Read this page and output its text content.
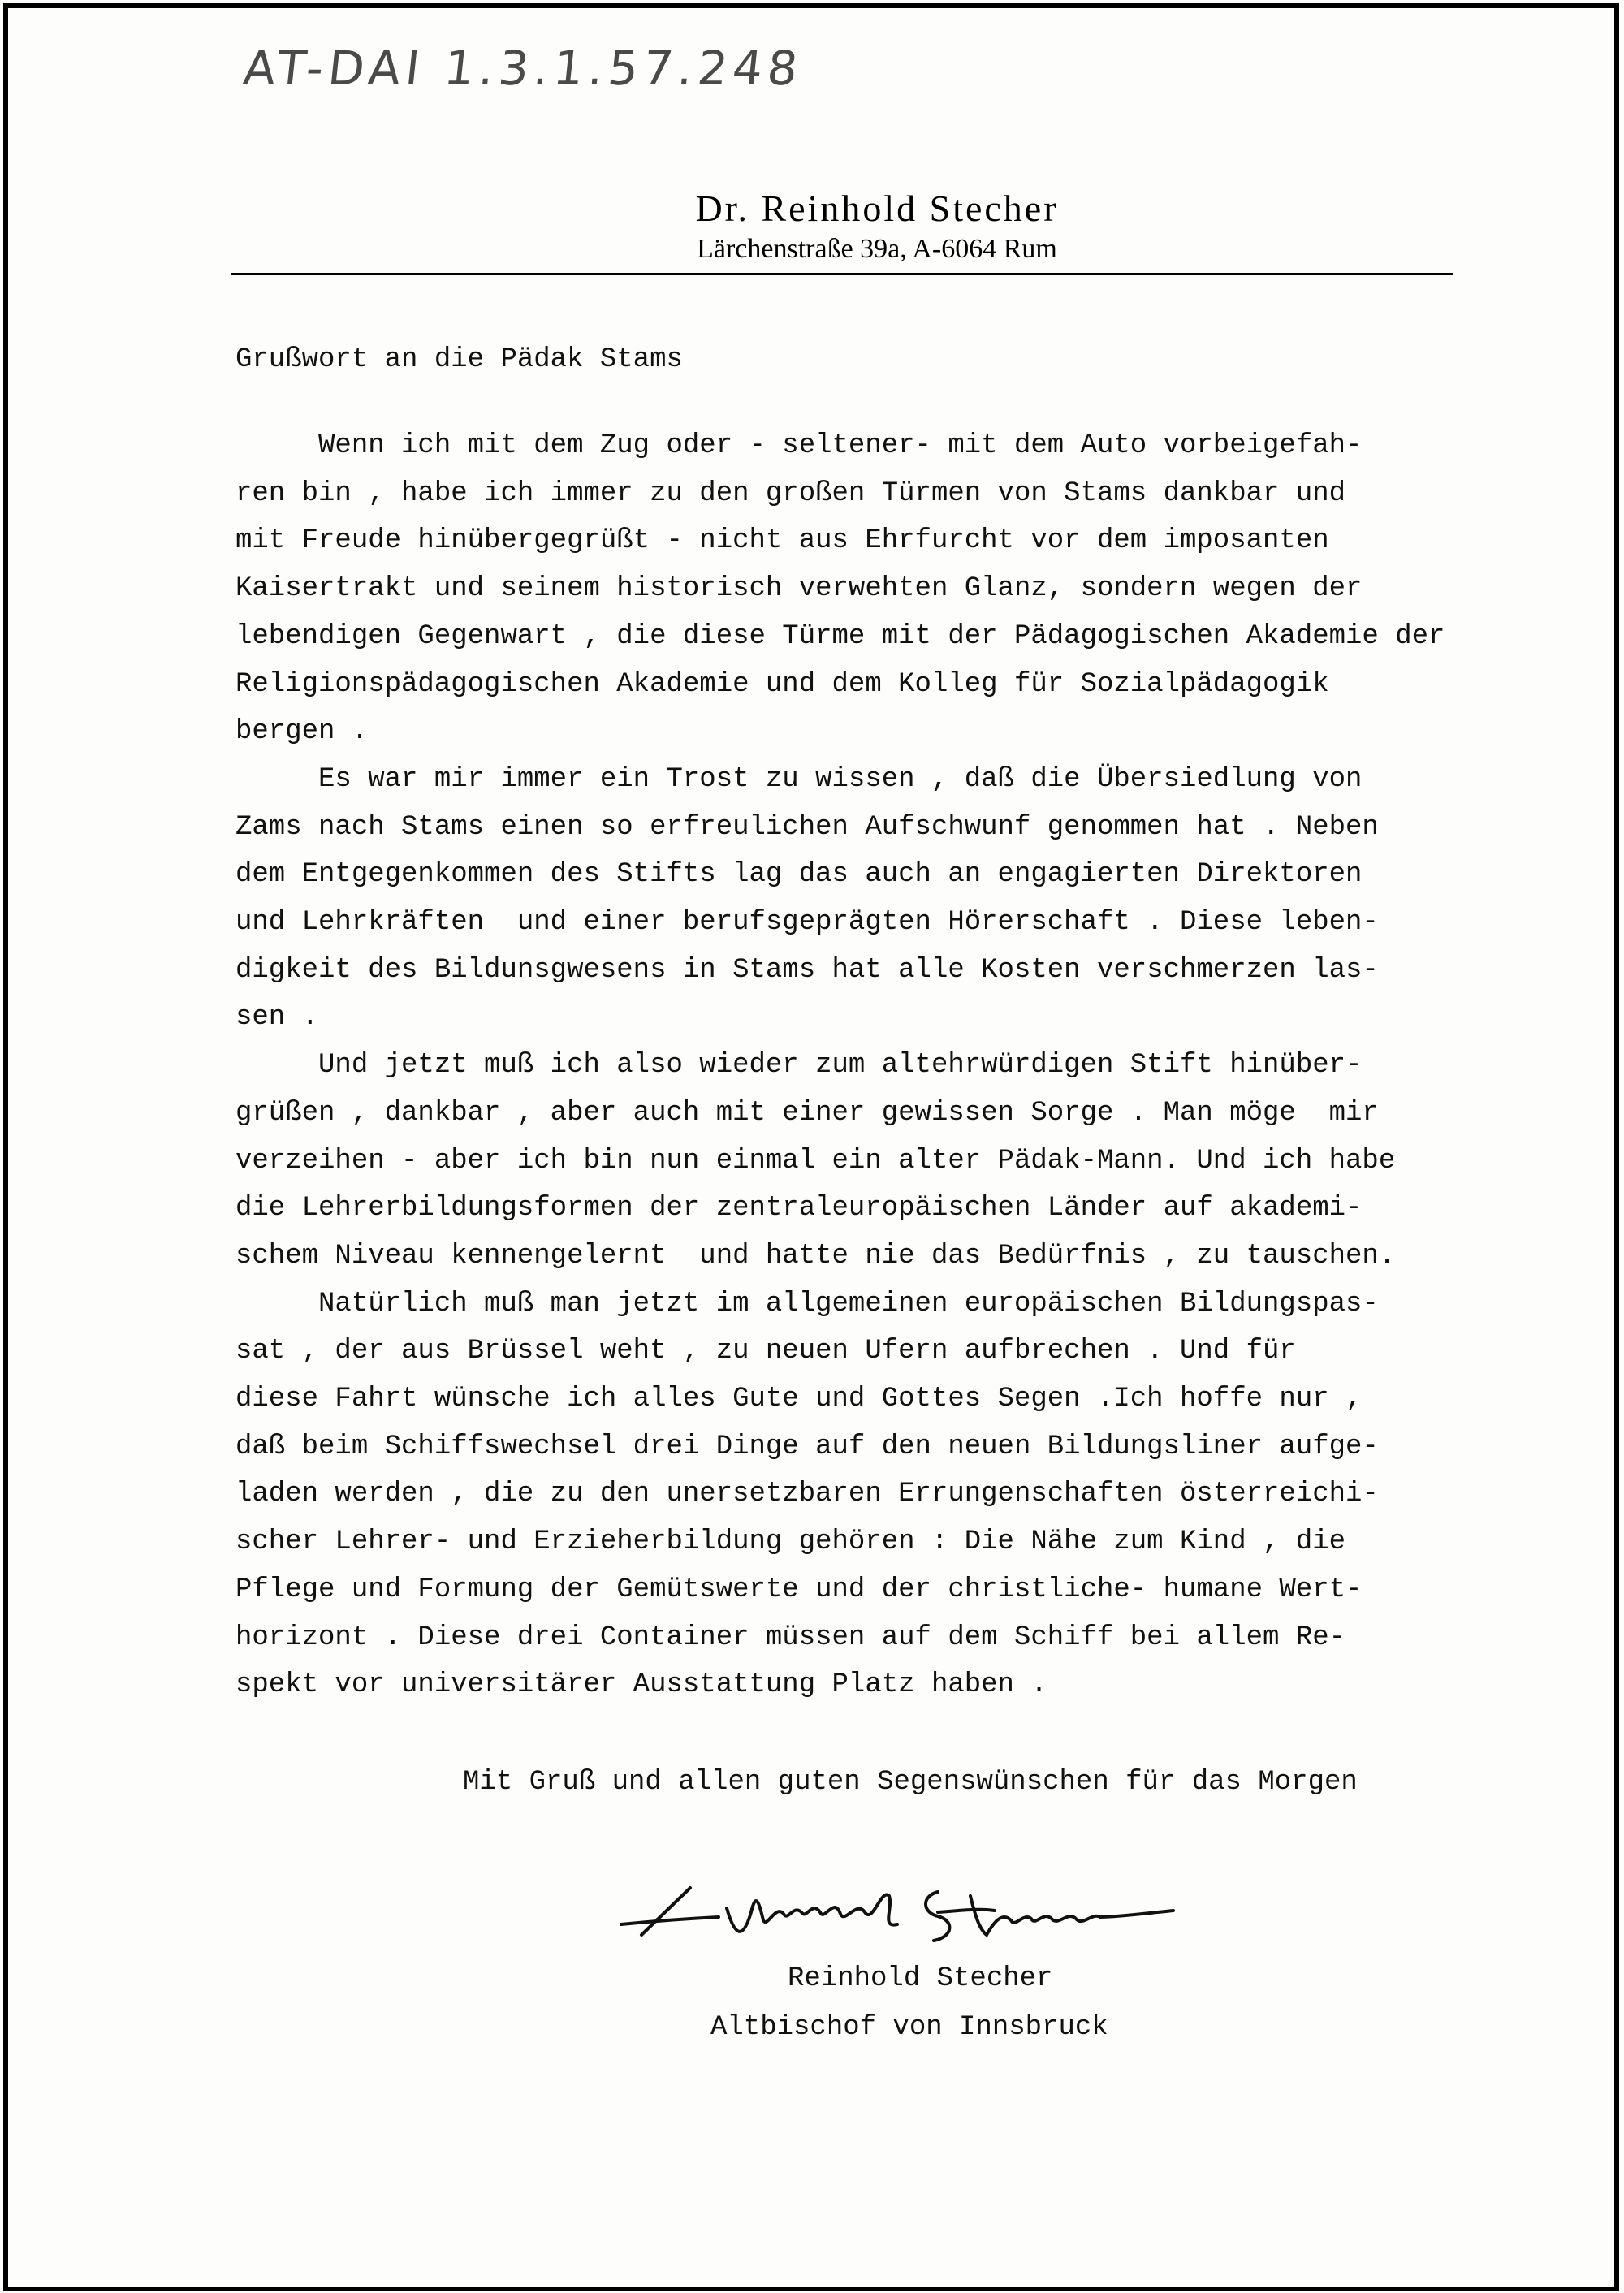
AT-DAI 1.3.1.57.248
Dr. Reinhold Stecher
Lärchenstraße 39a, A-6064 Rum
Grußwort an die Pädak Stams
Wenn ich mit dem Zug oder - seltener- mit dem Auto vorbeigefah-
ren bin , habe ich immer zu den großen Türmen von Stams dankbar und
mit Freude hinübergegrüßt - nicht aus Ehrfurcht vor dem imposanten
Kaisertrakt und seinem historisch verwehten Glanz, sondern wegen der
lebendigen Gegenwart , die diese Türme mit der Pädagogischen Akademie der
Religionspädagogischen Akademie und dem Kolleg für Sozialpädagogik
bergen .
Es war mir immer ein Trost zu wissen , daß die Übersiedlung von
Zams nach Stams einen so erfreulichen Aufschwunf genommen hat . Neben
dem Entgegenkommen des Stifts lag das auch an engagierten Direktoren
und Lehrkräften  und einer berufsgeprägten Hörerschaft . Diese leben-
digkeit des Bildunsgwesens in Stams hat alle Kosten verschmerzen las-
sen .
Und jetzt muß ich also wieder zum altehrwürdigen Stift hinüber-
grüßen , dankbar , aber auch mit einer gewissen Sorge . Man möge  mir
verzeihen - aber ich bin nun einmal ein alter Pädak-Mann. Und ich habe
die Lehrerbildungsformen der zentraleuropäischen Länder auf akademi-
schem Niveau kennengelernt  und hatte nie das Bedürfnis , zu tauschen.
Natürlich muß man jetzt im allgemeinen europäischen Bildungspas-
sat , der aus Brüssel weht , zu neuen Ufern aufbrechen . Und für
diese Fahrt wünsche ich alles Gute und Gottes Segen .Ich hoffe nur ,
daß beim Schiffswechsel drei Dinge auf den neuen Bildungsliner aufge-
laden werden , die zu den unersetzbaren Errungenschaften österreichi-
scher Lehrer- und Erzieherbildung gehören : Die Nähe zum Kind , die
Pflege und Formung der Gemütswerte und der christliche- humane Wert-
horizont . Diese drei Container müssen auf dem Schiff bei allem Re-
spekt vor universitärer Ausstattung Platz haben .
Mit Gruß und allen guten Segenswünschen für das Morgen
Reinhold Stecher
Altbischof von Innsbruck
